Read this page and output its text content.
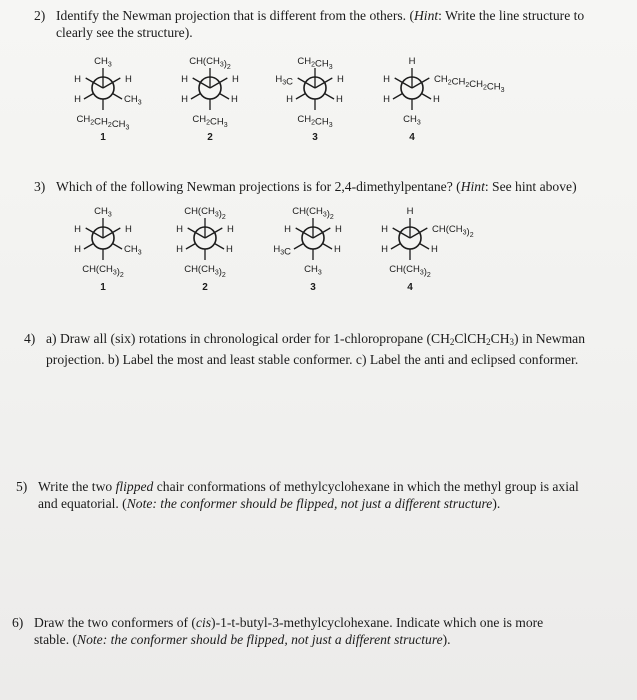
2) Identify the Newman projection that is different from the others. (Hint: Write the line structure to
clearly see the structure).
$CH_3$
H	H
H	$CH_3$
$CH_2CH_2CH_3$
1
$CH(CH_3)_2$
H	H
H	H
$CH_2CH_3$
2
$CH_2CH_3$
$H_3C$	H
H	H
$CH_2CH_3$
3
H
H	$CH_2CH_2CH_2CH_3$
H	H
$CH_3$
4
3) Which of the following Newman projections is for 2,4-dimethylpentane? (Hint: See hint above)
$CH_3$
H	H
H	$CH_3$
$CH(CH_3)_2$
1
$CH(CH_3)_2$
H	H
H	H
$CH(CH_3)_2$
2
$CH(CH_3)_2$
H	H
$H_3C$	H
$CH_3$
3
H
H	$CH(CH_3)_2$
H	H
$CH(CH_3)_2$
4
4) a) Draw all (six) rotations in chronological order for 1-chloropropane $(CH_2ClCH_2CH_3)$ in Newman
projection. b) Label the most and least stable conformer. c) Label the anti and eclipsed conformer.
5) Write the two flipped chair conformations of methylcyclohexane in which the methyl group is axial
and equatorial. (Note: the conformer should be flipped, not just a different structure).
6) Draw the two conformers of (cis)-1-t-butyl-3-methylcyclohexane. Indicate which one is more
stable. (Note: the conformer should be flipped, not just a different structure).
